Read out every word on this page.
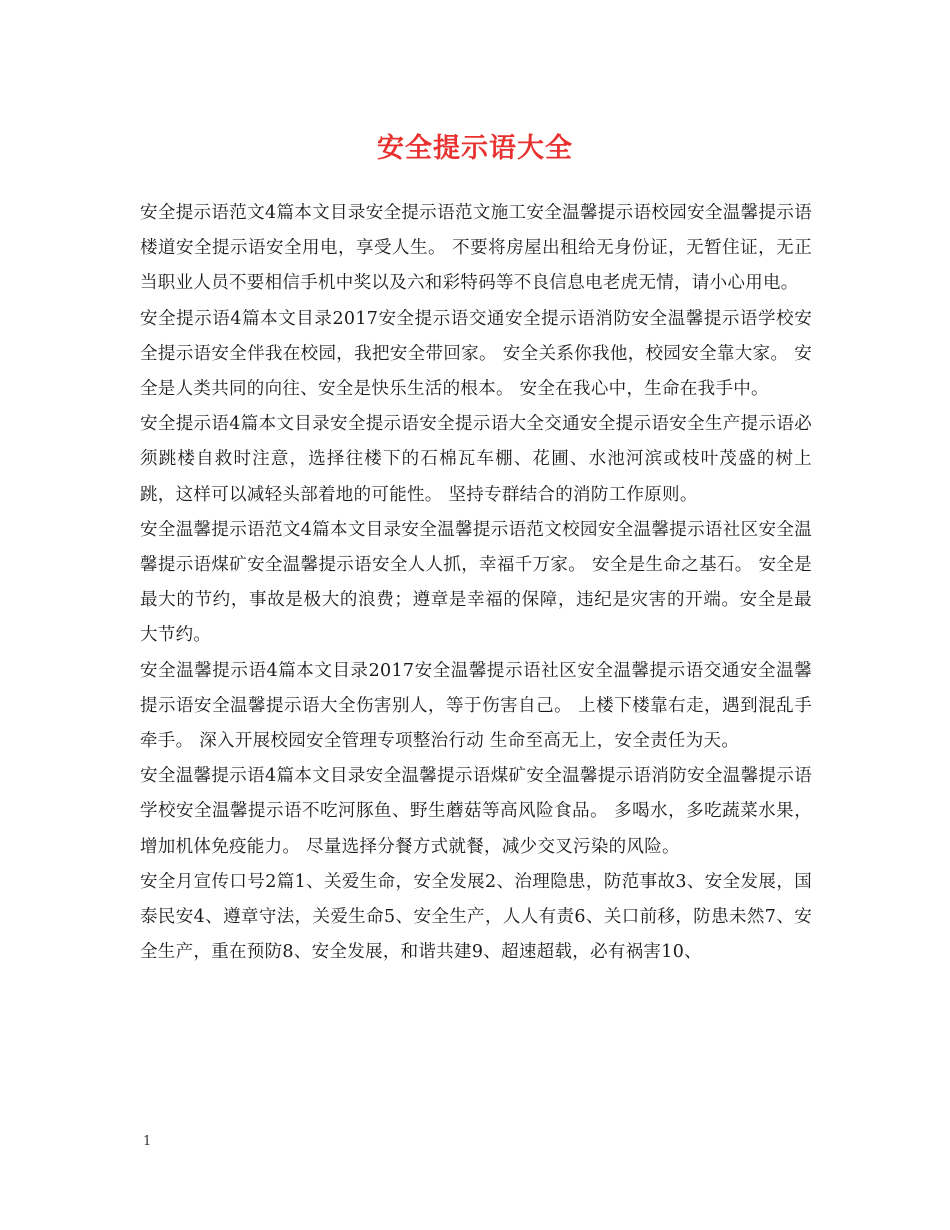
安全提示语大全

安全提示语范文4篇本文目录安全提示语范文施工安全温馨提示语校园安全温馨提示语楼道安全提示语安全用电，享受人生。 不要将房屋出租给无身份证，无暂住证，无正当职业人员不要相信手机中奖以及六和彩特码等不良信息电老虎无情，请小心用电。

安全提示语4篇本文目录2017安全提示语交通安全提示语消防安全温馨提示语学校安全提示语安全伴我在校园，我把安全带回家。 安全关系你我他，校园安全靠大家。 安全是人类共同的向往、安全是快乐生活的根本。 安全在我心中，生命在我手中。

安全提示语4篇本文目录安全提示语安全提示语大全交通安全提示语安全生产提示语必须跳楼自救时注意，选择往楼下的石棉瓦车棚、花圃、水池河滨或枝叶茂盛的树上跳，这样可以减轻头部着地的可能性。 坚持专群结合的消防工作原则。

安全温馨提示语范文4篇本文目录安全温馨提示语范文校园安全温馨提示语社区安全温馨提示语煤矿安全温馨提示语安全人人抓，幸福千万家。 安全是生命之基石。 安全是最大的节约，事故是极大的浪费；遵章是幸福的保障，违纪是灾害的开端。安全是最大节约。

安全温馨提示语4篇本文目录2017安全温馨提示语社区安全温馨提示语交通安全温馨提示语安全温馨提示语大全伤害别人，等于伤害自己。 上楼下楼靠右走，遇到混乱手牵手。 深入开展校园安全管理专项整治行动 生命至高无上，安全责任为天。

安全温馨提示语4篇本文目录安全温馨提示语煤矿安全温馨提示语消防安全温馨提示语学校安全温馨提示语不吃河豚鱼、野生蘑菇等高风险食品。 多喝水，多吃蔬菜水果，增加机体免疫能力。 尽量选择分餐方式就餐，减少交叉污染的风险。

安全月宣传口号2篇1、关爱生命，安全发展2、治理隐患，防范事故3、安全发展，国泰民安4、遵章守法，关爱生命5、安全生产，人人有责6、关口前移，防患未然7、安全生产，重在预防8、安全发展，和谐共建9、超速超载，必有祸害10、

1
